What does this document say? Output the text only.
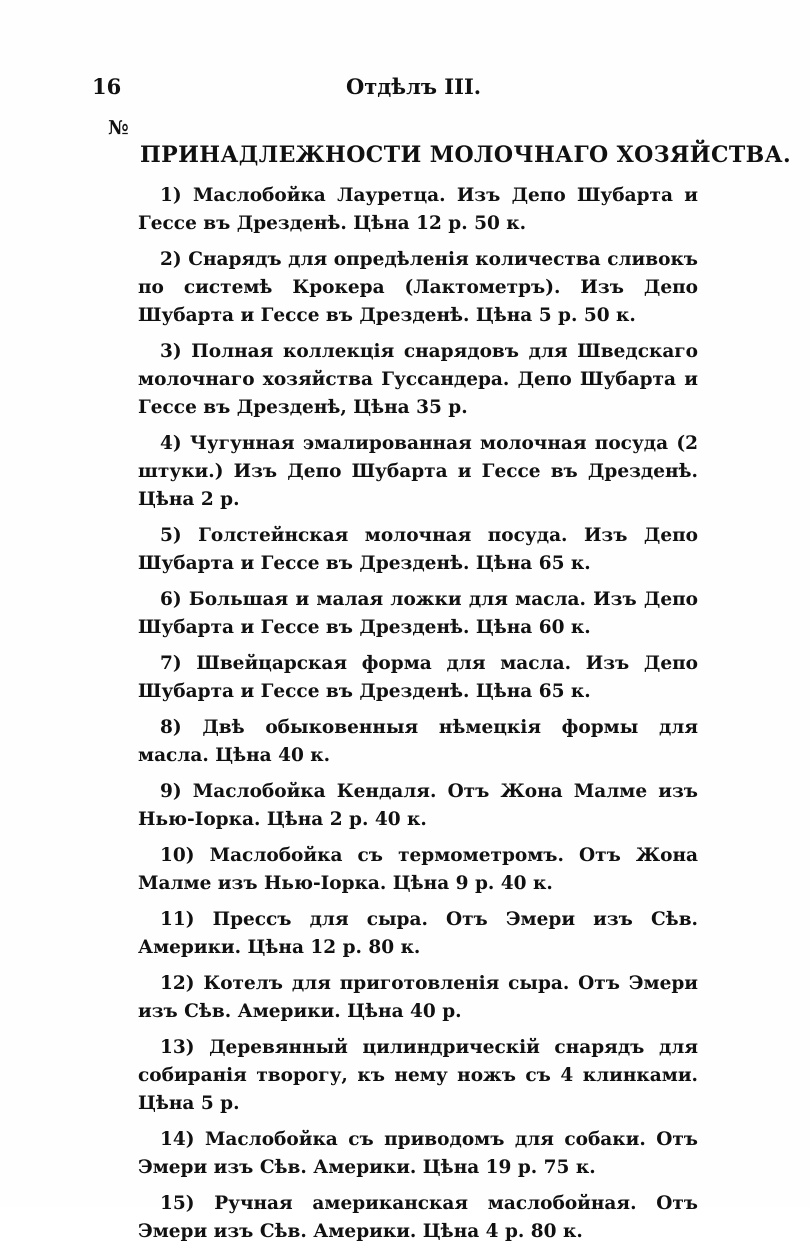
16	Отдѣлъ III.
№
ПРИНАДЛЕЖНОСТИ МОЛОЧНАГО ХОЗЯЙСТВА.

1) Маслобойка Лауретца. Изъ Депо Шубарта и Гессе въ Дрезденѣ. Цѣна 12 р. 50 к.

2) Снарядъ для опредѣленія количества сливокъ по системѣ Крокера (Лактометръ). Изъ Депо Шубарта и Гессе въ Дрезденѣ. Цѣна 5 р. 50 к.

3) Полная коллекція снарядовъ для Шведскаго молочнаго хозяйства Гуссандера. Депо Шубарта и Гессе въ Дрезденѣ, Цѣна 35 р.

4) Чугунная эмалированная молочная посуда (2 штуки.) Изъ Депо Шубарта и Гессе въ Дрезденѣ. Цѣна 2 р.

5) Голстейнская молочная посуда. Изъ Депо Шубарта и Гессе въ Дрезденѣ. Цѣна 65 к.

6) Большая и малая ложки для масла. Изъ Депо Шубарта и Гессе въ Дрезденѣ. Цѣна 60 к.

7) Швейцарская форма для масла. Изъ Депо Шубарта и Гессе въ Дрезденѣ. Цѣна 65 к.

8) Двѣ обыковенныя нѣмецкія формы для масла. Цѣна 40 к.

9) Маслобойка Кендаля. Отъ Жона Малме изъ Нью-Іорка. Цѣна 2 р. 40 к.

10) Маслобойка съ термометромъ. Отъ Жона Малме изъ Нью-Іорка. Цѣна 9 р. 40 к.

11) Прессъ для сыра. Отъ Эмери изъ Сѣв. Америки. Цѣна 12 р. 80 к.

12) Котелъ для приготовленія сыра. Отъ Эмери изъ Сѣв. Америки. Цѣна 40 р.

13) Деревянный цилиндрическій снарядъ для собиранія творогу, къ нему ножъ съ 4 клинками. Цѣна 5 р.

14) Маслобойка съ приводомъ для собаки. Отъ Эмери изъ Сѣв. Америки. Цѣна 19 р. 75 к.

15) Ручная американская маслобойная. Отъ Эмери изъ Сѣв. Америки. Цѣна 4 р. 80 к.
